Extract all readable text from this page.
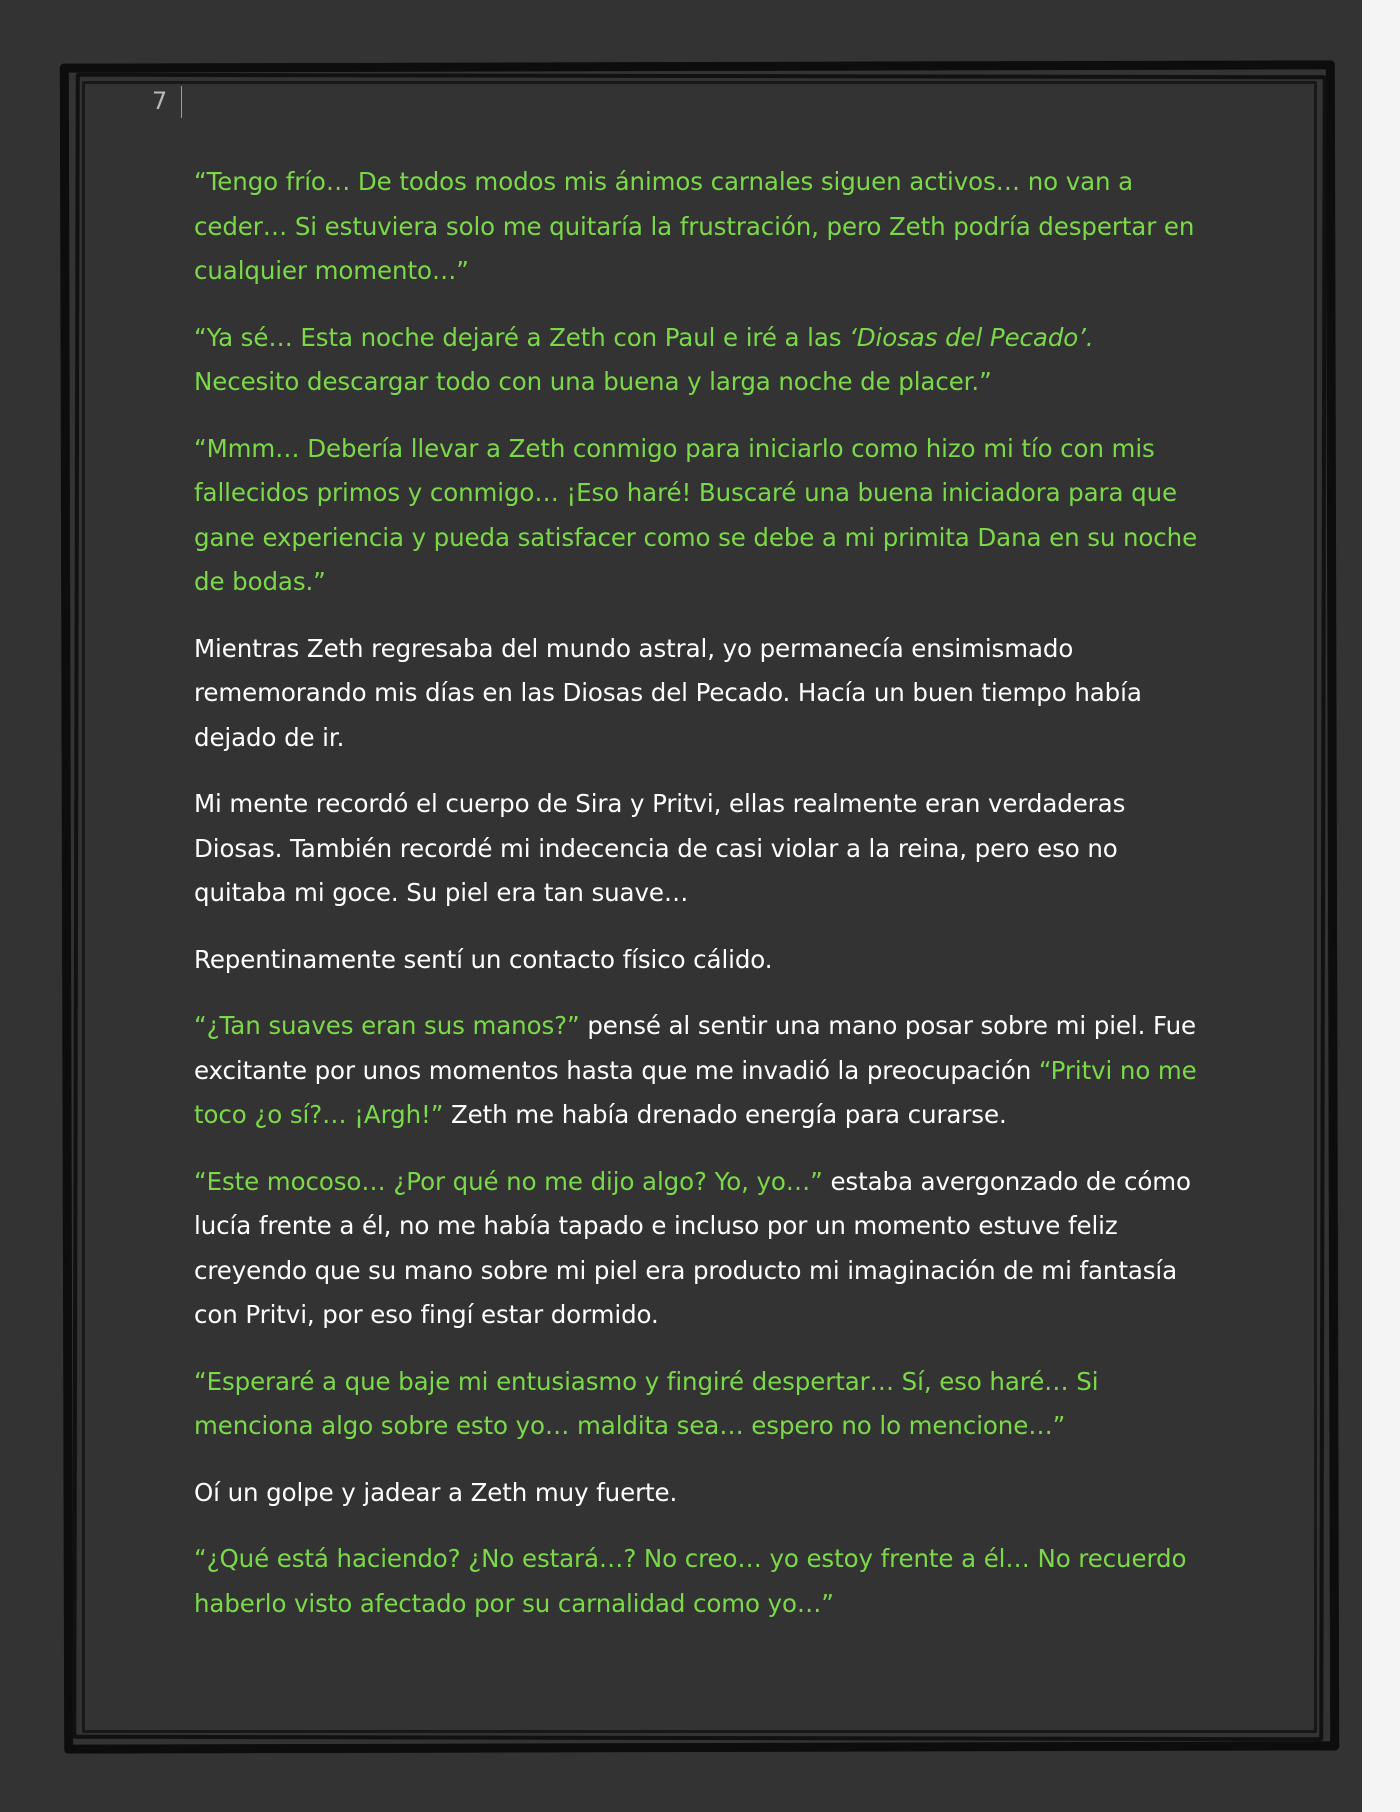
7

“Tengo frío… De todos modos mis ánimos carnales siguen activos… no van a ceder… Si estuviera solo me quitaría la frustración, pero Zeth podría despertar en cualquier momento…”

“Ya sé… Esta noche dejaré a Zeth con Paul e iré a las ‘Diosas del Pecado’. Necesito descargar todo con una buena y larga noche de placer.”

“Mmm… Debería llevar a Zeth conmigo para iniciarlo como hizo mi tío con mis fallecidos primos y conmigo… ¡Eso haré! Buscaré una buena iniciadora para que gane experiencia y pueda satisfacer como se debe a mi primita Dana en su noche de bodas.”

Mientras Zeth regresaba del mundo astral, yo permanecía ensimismado rememorando mis días en las Diosas del Pecado. Hacía un buen tiempo había dejado de ir.

Mi mente recordó el cuerpo de Sira y Pritvi, ellas realmente eran verdaderas Diosas. También recordé mi indecencia de casi violar a la reina, pero eso no quitaba mi goce. Su piel era tan suave…

Repentinamente sentí un contacto físico cálido.

“¿Tan suaves eran sus manos?” pensé al sentir una mano posar sobre mi piel. Fue excitante por unos momentos hasta que me invadió la preocupación “Pritvi no me toco ¿o sí?… ¡Argh!” Zeth me había drenado energía para curarse.

“Este mocoso… ¿Por qué no me dijo algo? Yo, yo…” estaba avergonzado de cómo lucía frente a él, no me había tapado e incluso por un momento estuve feliz creyendo que su mano sobre mi piel era producto mi imaginación de mi fantasía con Pritvi, por eso fingí estar dormido.

“Esperaré a que baje mi entusiasmo y fingiré despertar… Sí, eso haré… Si menciona algo sobre esto yo… maldita sea… espero no lo mencione…”

Oí un golpe y jadear a Zeth muy fuerte.

“¿Qué está haciendo? ¿No estará…? No creo… yo estoy frente a él… No recuerdo haberlo visto afectado por su carnalidad como yo…”
